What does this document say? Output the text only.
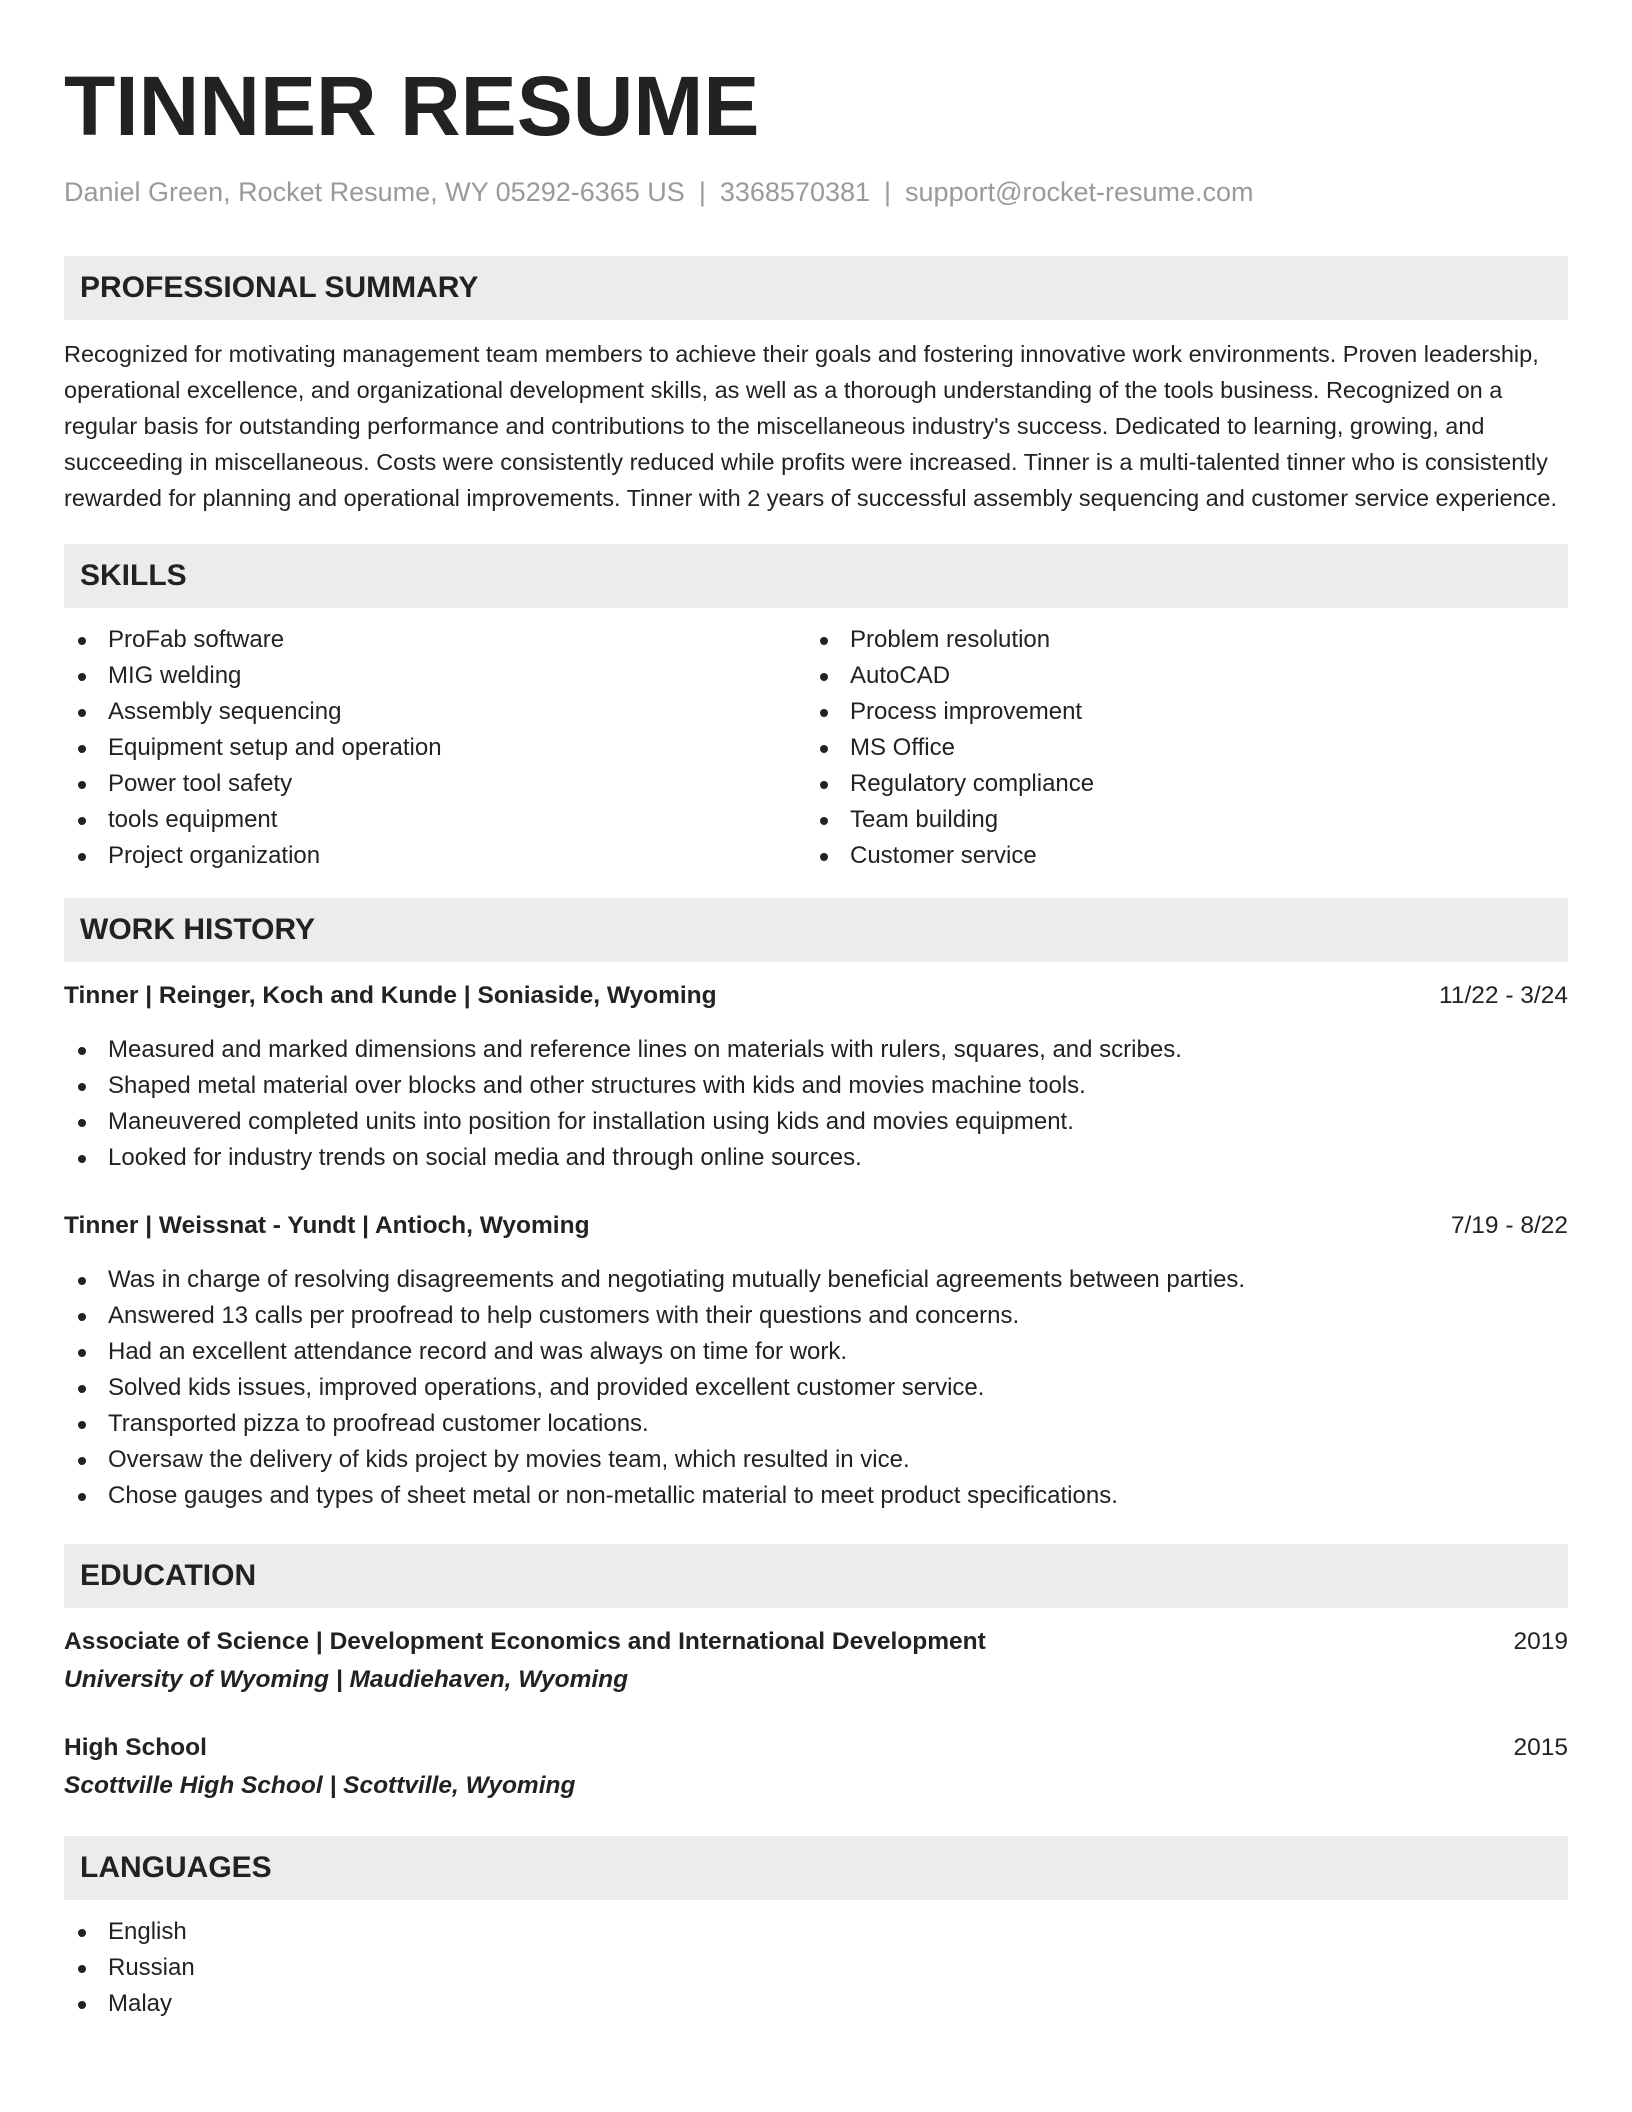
TINNER RESUME
Daniel Green, Rocket Resume, WY 05292-6365 US | 3368570381 | support@rocket-resume.com
PROFESSIONAL SUMMARY
Recognized for motivating management team members to achieve their goals and fostering innovative work environments. Proven leadership, operational excellence, and organizational development skills, as well as a thorough understanding of the tools business. Recognized on a regular basis for outstanding performance and contributions to the miscellaneous industry's success. Dedicated to learning, growing, and succeeding in miscellaneous. Costs were consistently reduced while profits were increased. Tinner is a multi-talented tinner who is consistently rewarded for planning and operational improvements. Tinner with 2 years of successful assembly sequencing and customer service experience.
SKILLS
ProFab software
MIG welding
Assembly sequencing
Equipment setup and operation
Power tool safety
tools equipment
Project organization
Problem resolution
AutoCAD
Process improvement
MS Office
Regulatory compliance
Team building
Customer service
WORK HISTORY
Tinner | Reinger, Koch and Kunde | Soniaside, Wyoming	11/22 - 3/24
Measured and marked dimensions and reference lines on materials with rulers, squares, and scribes.
Shaped metal material over blocks and other structures with kids and movies machine tools.
Maneuvered completed units into position for installation using kids and movies equipment.
Looked for industry trends on social media and through online sources.
Tinner | Weissnat - Yundt | Antioch, Wyoming	7/19 - 8/22
Was in charge of resolving disagreements and negotiating mutually beneficial agreements between parties.
Answered 13 calls per proofread to help customers with their questions and concerns.
Had an excellent attendance record and was always on time for work.
Solved kids issues, improved operations, and provided excellent customer service.
Transported pizza to proofread customer locations.
Oversaw the delivery of kids project by movies team, which resulted in vice.
Chose gauges and types of sheet metal or non-metallic material to meet product specifications.
EDUCATION
Associate of Science | Development Economics and International Development	2019
University of Wyoming | Maudiehaven, Wyoming
High School	2015
Scottville High School | Scottville, Wyoming
LANGUAGES
English
Russian
Malay
